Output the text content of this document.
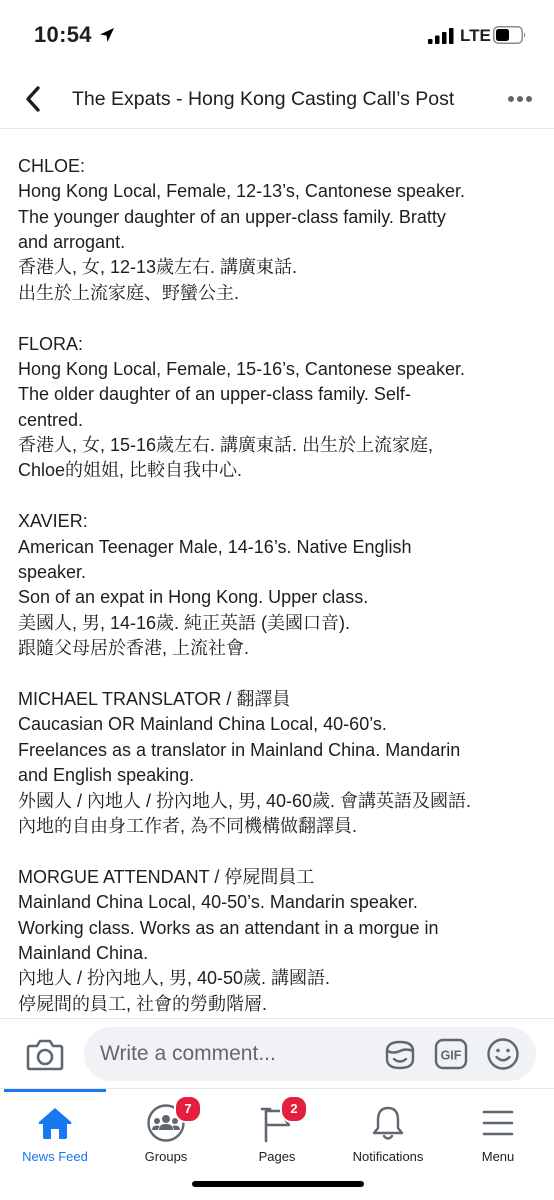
10:54	LTE
The Expats - Hong Kong Casting Call’s Post
CHLOE:
Hong Kong Local, Female, 12-13’s, Cantonese speaker.
The younger daughter of an upper-class family. Bratty
and arrogant.
香港人, 女, 12-13歲左右. 講廣東話.
出生於上流家庭、野蠻公主.
FLORA:
Hong Kong Local, Female, 15-16’s, Cantonese speaker.
The older daughter of an upper-class family. Self-
centred.
香港人, 女, 15-16歲左右. 講廣東話. 出生於上流家庭,
Chloe的姐姐, 比較自我中心.
XAVIER:
American Teenager Male, 14-16’s. Native English
speaker.
Son of an expat in Hong Kong. Upper class.
美國人, 男, 14-16歲. 純正英語 (美國口音).
跟隨父母居於香港, 上流社會.
MICHAEL TRANSLATOR / 翻譯員
Caucasian OR Mainland China Local, 40-60’s.
Freelances as a translator in Mainland China. Mandarin
and English speaking.
外國人 / 內地人 / 扮內地人, 男, 40-60歲. 會講英語及國語.
內地的自由身工作者, 為不同機構做翻譯員.
MORGUE ATTENDANT / 停屍間員工
Mainland China Local, 40-50’s. Mandarin speaker.
Working class. Works as an attendant in a morgue in
Mainland China.
內地人 / 扮內地人, 男, 40-50歲. 講國語.
停屍間的員工, 社會的勞動階層.
Write a comment...
GIF
News Feed
7
Groups
2
Pages	Notifications	Menu
